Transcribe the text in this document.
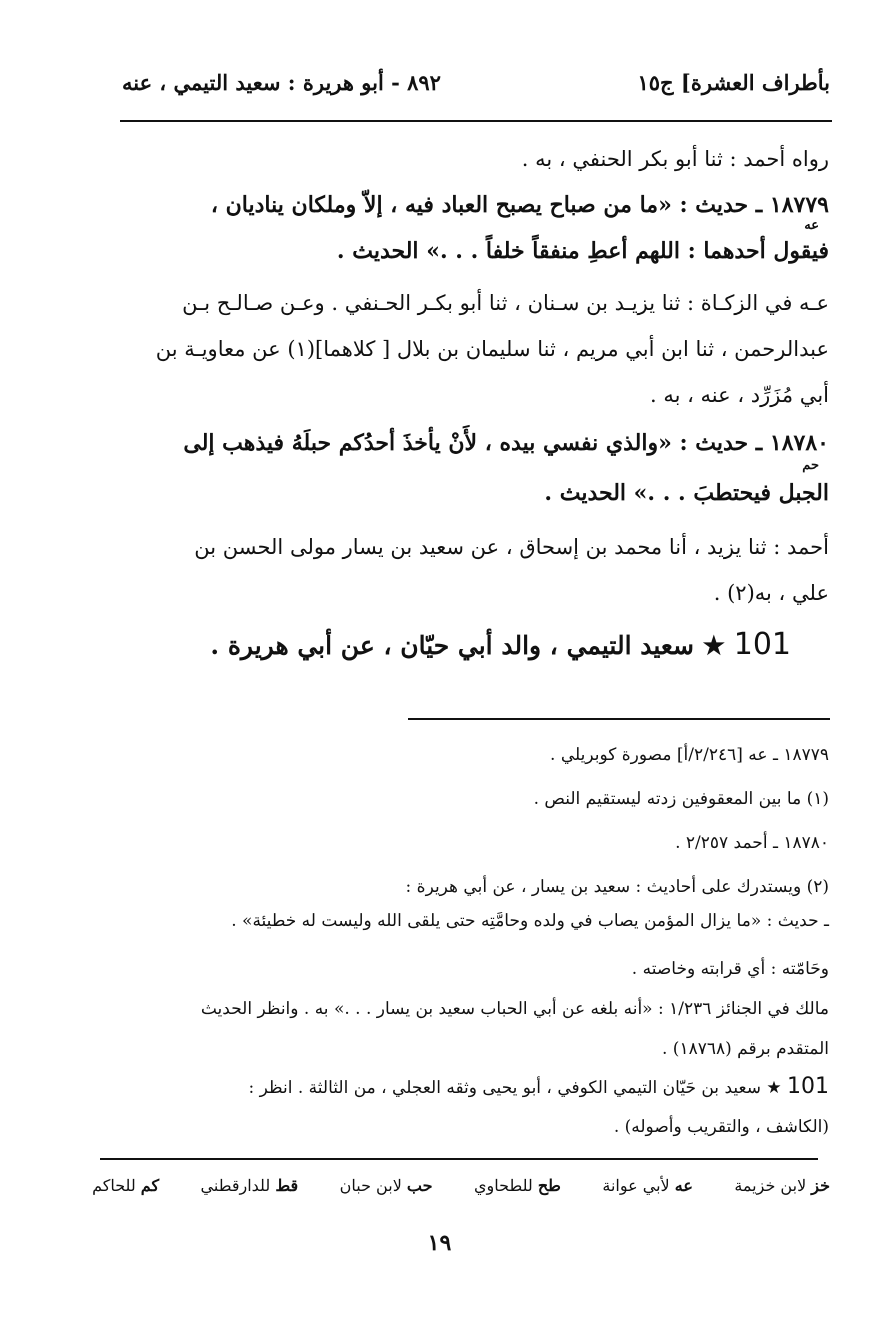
بأطراف العشرة] ج١٥
٨٩٢ - أبو هريرة : سعيد التيمي ، عنه
رواه أحمد : ثنا أبو بكر الحنفي ، به .
١٨٧٧٩ ـ حديث : «ما من صباح يصبح العباد فيه ، إلاّ وملكان يناديان ،
عه
فيقول أحدهما : اللهم أعطِ منفقاً خلفاً . . .» الحديث .
عـه في الزكـاة : ثنا يزيـد بن سـنان ، ثنا أبو بكـر الحـنفي . وعـن صـالـح بـن
عبدالرحمن ، ثنا ابن أبي مريم ، ثنا سليمان بن بلال [ كلاهما](١) عن معاويـة بن
أبي مُزَرِّد ، عنه ، به .
١٨٧٨٠ ـ حديث : «والذي نفسي بيده ، لأَنْ يأخذَ أحدُكم حبلَهُ فيذهب إلى
حم
الجبل فيحتطبَ . . .» الحديث .
أحمد : ثنا يزيد ، أنا محمد بن إسحاق ، عن سعيد بن يسار مولى الحسن بن
علي ، به(٢) .
101 ★ سعيد التيمي ، والد أبي حيّان ، عن أبي هريرة .
١٨٧٧٩ ـ عه [٢/٢٤٦/أ] مصورة كوبريلي .
(١) ما بين المعقوفين زدته ليستقيم النص .
١٨٧٨٠ ـ أحمد ٢/٢٥٧ .
(٢) ويستدرك على أحاديث : سعيد بن يسار ، عن أبي هريرة :
ـ حديث : «ما يزال المؤمن يصاب في ولده وحامَّتِه حتى يلقى الله وليست له خطيئة» .
وحَامّته : أي قرابته وخاصته .
مالك في الجنائز ١/٢٣٦ : «أنه بلغه عن أبي الحباب سعيد بن يسار . . .» به . وانظر الحديث
المتقدم برقم (١٨٧٦٨) .
101 ★ سعيد بن حَيّان التيمي الكوفي ، أبو يحيى وثقه العجلي ، من الثالثة . انظر :
(الكاشف ، والتقريب وأصوله) .
خز لابن خزيمة
عه لأبي عوانة
طح للطحاوي
حب لابن حبان
قط للدارقطني
كم للحاكم
١٩
